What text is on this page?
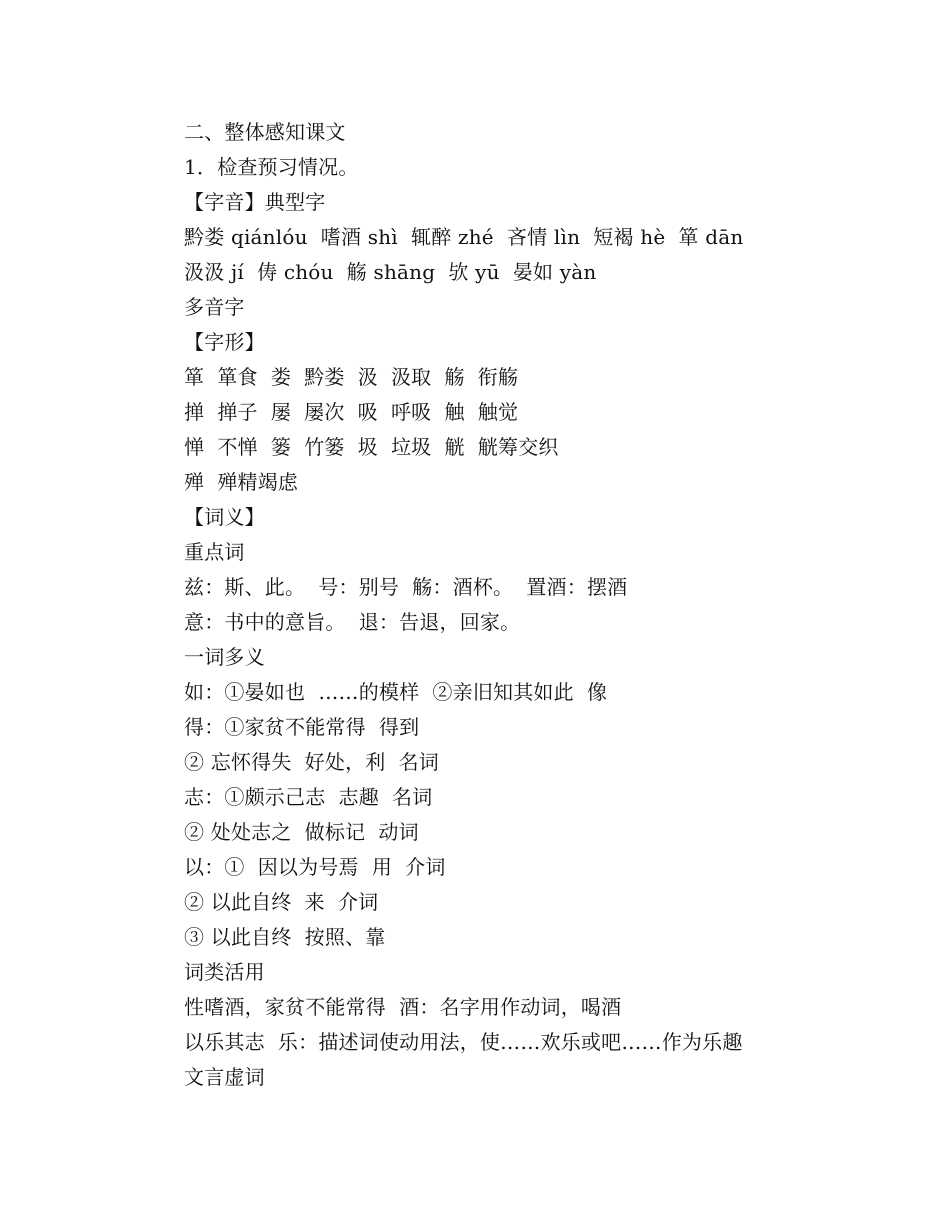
二、整体感知课文
1．检查预习情况。
【字音】典型字
黔娄 qiánlóu  嗜酒 shì  辄醉 zhé  吝情 lìn  短褐 hè  箪 dān
汲汲 jí  俦 chóu  觞 shāng  欤 yū  晏如 yàn
多音字
【字形】
箪  箪食  娄  黔娄  汲  汲取  觞  衔觞
掸  掸子  屡  屡次  吸  呼吸  触  触觉
惮  不惮  篓  竹篓  圾  垃圾  觥  觥筹交织
殚  殚精竭虑
【词义】
重点词
兹：斯、此。  号：别号  觞：酒杯。  置酒：摆酒
意：书中的意旨。  退：告退，回家。
一词多义
如：①晏如也  ……的模样  ②亲旧知其如此  像
得：①家贫不能常得  得到
② 忘怀得失  好处，利  名词
志：①颇示己志  志趣  名词
② 处处志之  做标记  动词
以：①  因以为号焉  用  介词
② 以此自终  来  介词
③ 以此自终  按照、靠
词类活用
性嗜酒，家贫不能常得  酒：名字用作动词，喝酒
以乐其志  乐：描述词使动用法，使……欢乐或吧……作为乐趣
文言虚词
